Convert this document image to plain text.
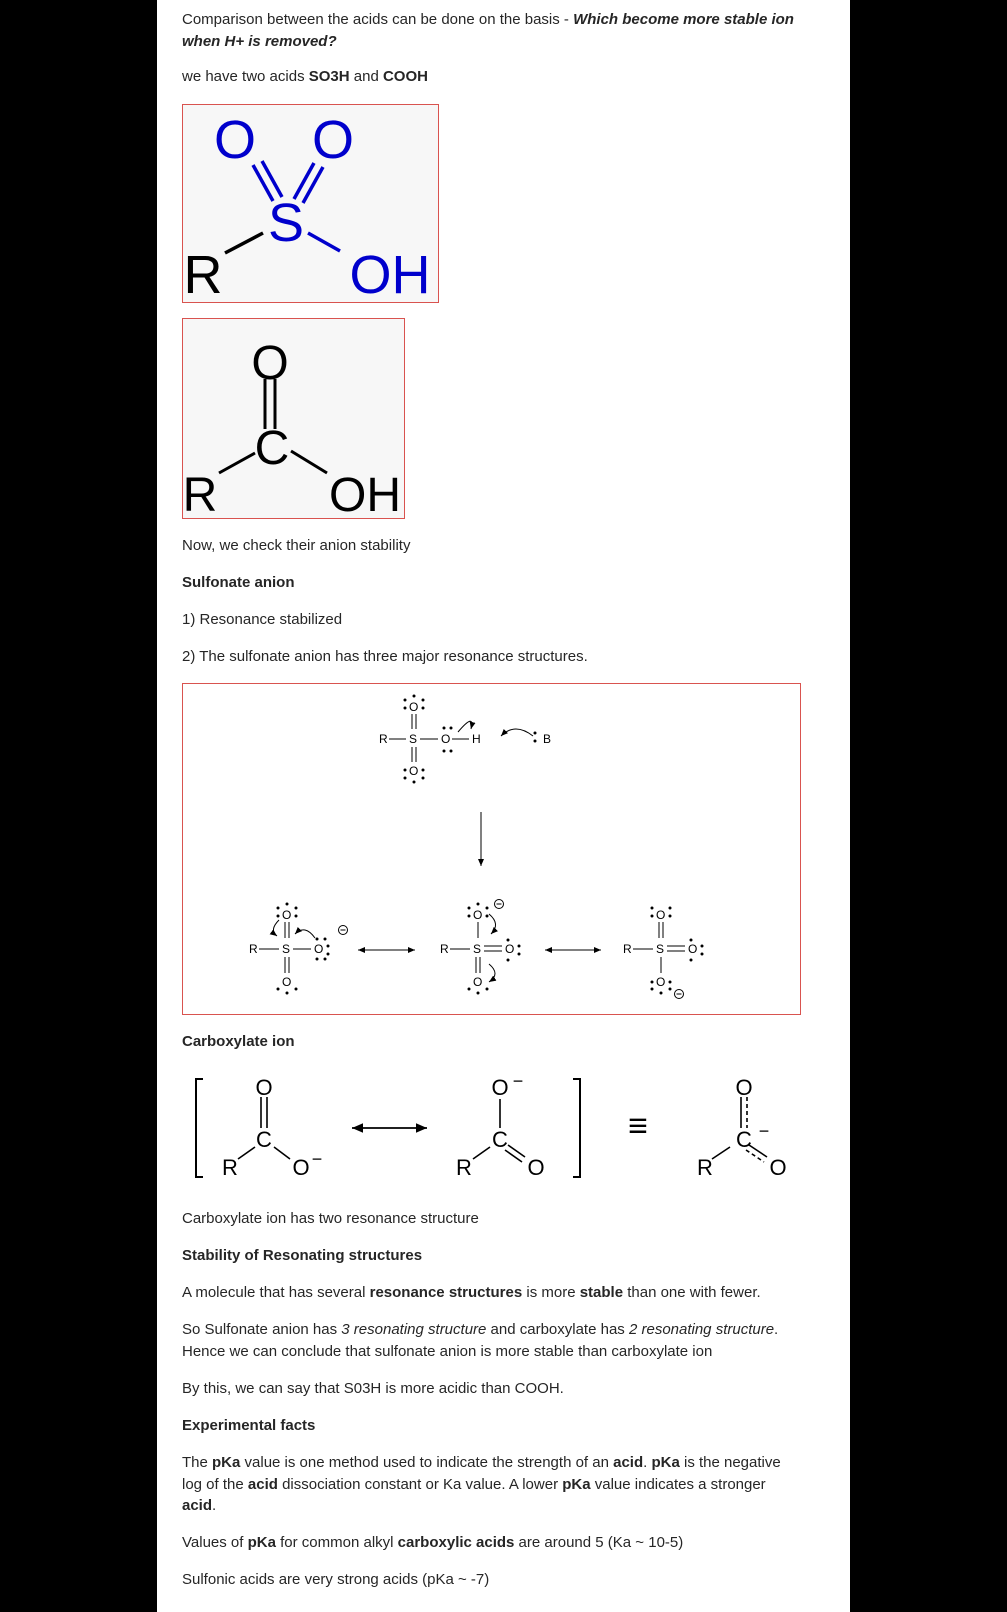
Comparison between the acids can be done on the basis - Which become more stable ion when H+ is removed?

we have two acids SO3H and COOH

O O
S
R OH
O
C
R OH

Now, we check their anion stability

Sulfonate anion

1) Resonance stabilized

2) The sulfonate anion has three major resonance structures.

R S O H	B
O
O
R S O
O
O
R S O
O
O
R S O
O
O

Carboxylate ion

O
C
R O −
O −
C
R	O
≡
O
C −
R	O

Carboxylate ion has two resonance structure

Stability of Resonating structures

A molecule that has several resonance structures is more stable than one with fewer.

So Sulfonate anion has 3 resonating structure and carboxylate has 2 resonating structure. Hence we can conclude that sulfonate anion is more stable than carboxylate ion

By this, we can say that S03H is more acidic than COOH.

Experimental facts

The pKa value is one method used to indicate the strength of an acid. pKa is the negative log of the acid dissociation constant or Ka value. A lower pKa value indicates a stronger acid.

Values of pKa for common alkyl carboxylic acids are around 5 (Ka ~ 10-5)

Sulfonic acids are very strong acids (pKa ~ -7)
